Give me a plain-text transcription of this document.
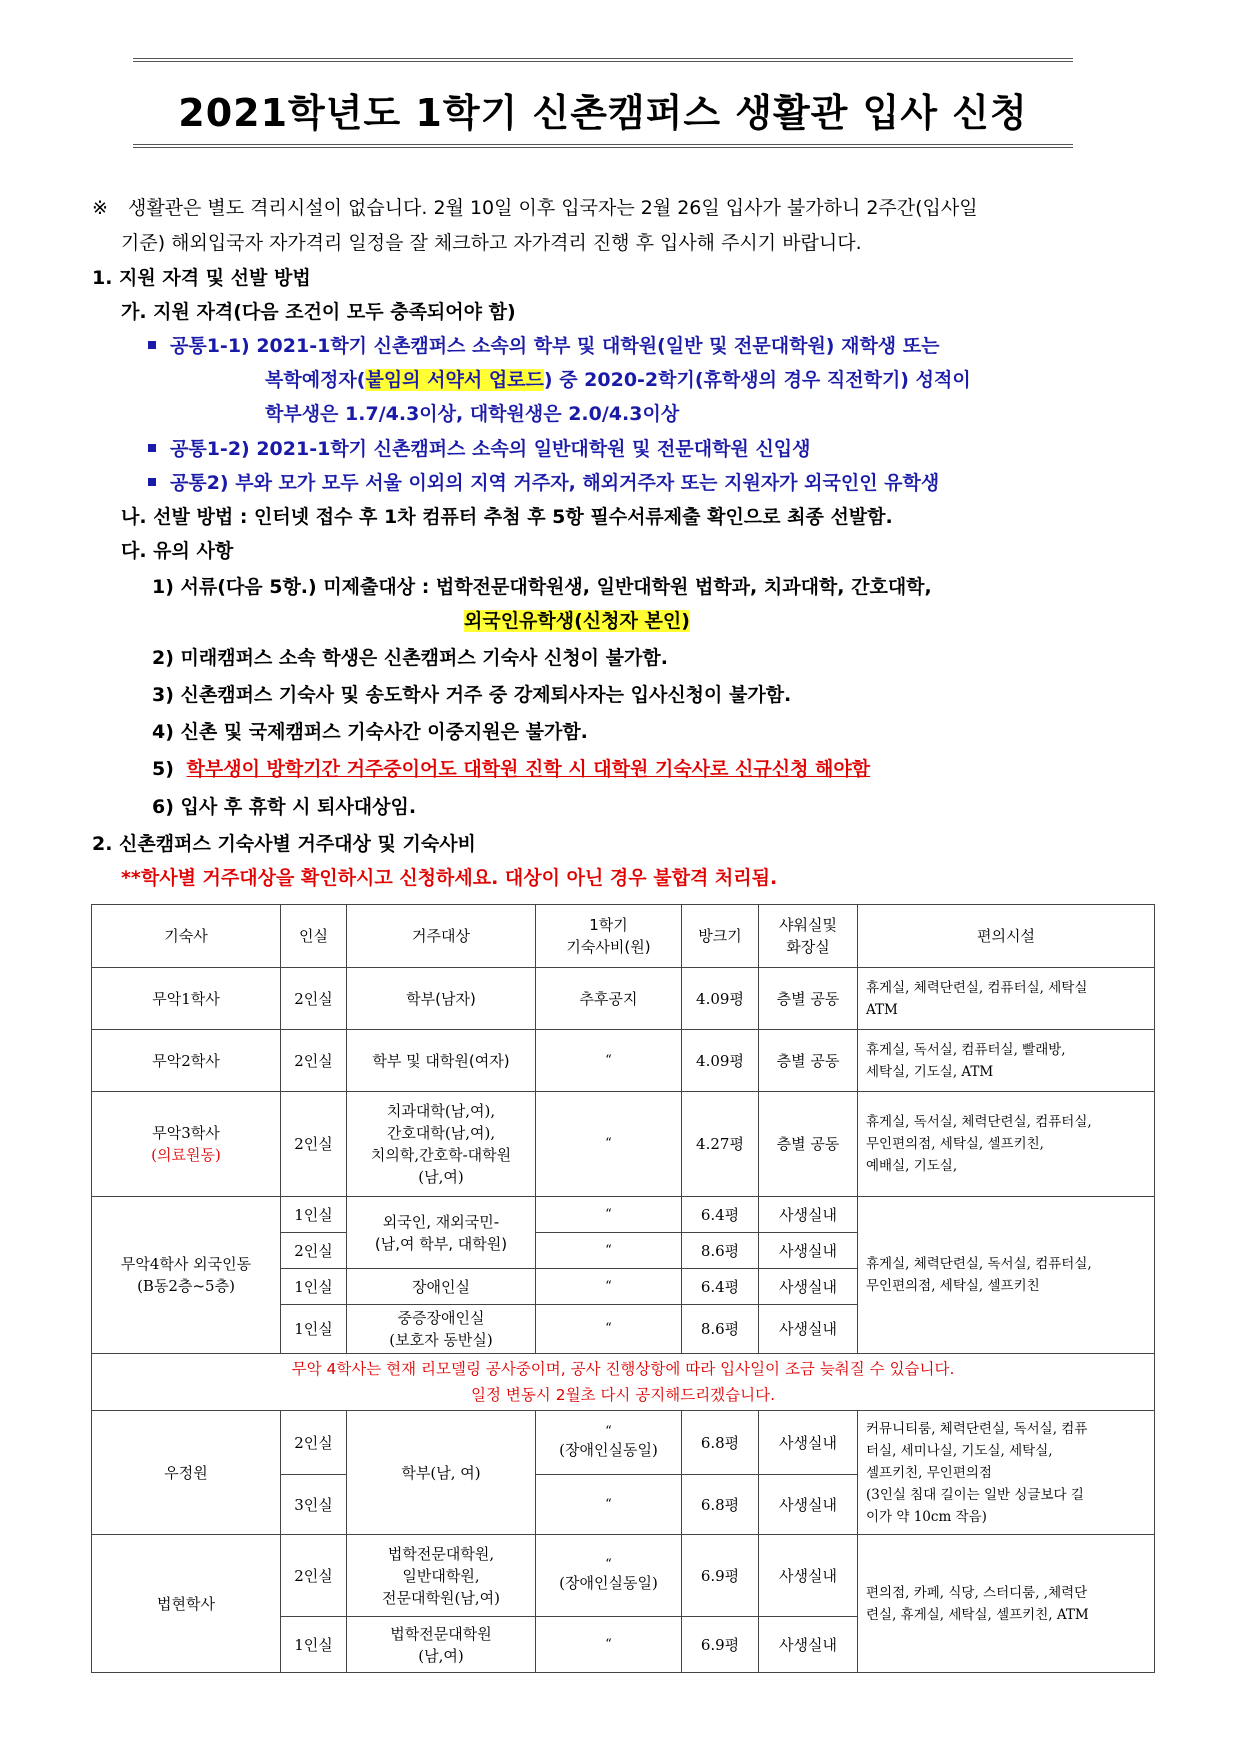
2021학년도 1학기 신촌캠퍼스 생활관 입사 신청
※ 생활관은 별도 격리시설이 없습니다. 2월 10일 이후 입국자는 2월 26일 입사가 불가하니 2주간(입사일
기준) 해외입국자 자가격리 일정을 잘 체크하고 자가격리 진행 후 입사해 주시기 바랍니다.
1. 지원 자격 및 선발 방법
가. 지원 자격(다음 조건이 모두 충족되어야 함)
공통1-1) 2021-1학기 신촌캠퍼스 소속의 학부 및 대학원(일반 및 전문대학원) 재학생 또는
복학예정자(붙임의 서약서 업로드) 중 2020-2학기(휴학생의 경우 직전학기) 성적이
학부생은 1.7/4.3이상, 대학원생은 2.0/4.3이상
공통1-2) 2021-1학기 신촌캠퍼스 소속의 일반대학원 및 전문대학원 신입생
공통2) 부와 모가 모두 서울 이외의 지역 거주자, 해외거주자 또는 지원자가 외국인인 유학생
나. 선발 방법 : 인터넷 접수 후 1차 컴퓨터 추첨 후 5항 필수서류제출 확인으로 최종 선발함.
다. 유의 사항
1) 서류(다음 5항.) 미제출대상 : 법학전문대학원생, 일반대학원 법학과, 치과대학, 간호대학,
외국인유학생(신청자 본인)
2) 미래캠퍼스 소속 학생은 신촌캠퍼스 기숙사 신청이 불가함.
3) 신촌캠퍼스 기숙사 및 송도학사 거주 중 강제퇴사자는 입사신청이 불가함.
4) 신촌 및 국제캠퍼스 기숙사간 이중지원은 불가함.
5) 학부생이 방학기간 거주중이어도 대학원 진학 시 대학원 기숙사로 신규신청 해야함
6) 입사 후 휴학 시 퇴사대상임.
2. 신촌캠퍼스 기숙사별 거주대상 및 기숙사비
**학사별 거주대상을 확인하시고 신청하세요. 대상이 아닌 경우 불합격 처리됨.
기숙사	인실	거주대상	1학기
기숙사비(원)	방크기	샤워실및
화장실	편의시설
무악1학사	2인실	학부(남자)	추후공지	4.09평	층별 공동	휴게실, 체력단련실, 컴퓨터실, 세탁실
ATM
무악2학사	2인실	학부 및 대학원(여자)	“	4.09평	층별 공동	휴게실, 독서실, 컴퓨터실, 빨래방,
세탁실, 기도실, ATM
무악3학사
(의료원동)	2인실	치과대학(남,여),
간호대학(남,여),
치의학,간호학-대학원
(남,여)	“	4.27평	층별 공동	휴게실, 독서실, 체력단련실, 컴퓨터실,
무인편의점, 세탁실, 셀프키친,
예배실, 기도실,
무악4학사 외국인동
(B동2층~5층)	1인실	외국인, 재외국민-
(남,여 학부, 대학원)	“	6.4평	사생실내	휴게실, 체력단련실, 독서실, 컴퓨터실,
무인편의점, 세탁실, 셀프키친
	2인실		“	8.6평	사생실내	
	1인실	장애인실	“	6.4평	사생실내	
	1인실	중증장애인실
(보호자 동반실)	“	8.6평	사생실내	
무악 4학사는 현재 리모델링 공사중이며, 공사 진행상항에 따라 입사일이 조금 늦춰질 수 있습니다.
일정 변동시 2월초 다시 공지해드리겠습니다.						
우정원	2인실	학부(남, 여)	“
(장애인실동일)	6.8평	사생실내	커뮤니티룸, 체력단련실, 독서실, 컴퓨
터실, 세미나실, 기도실, 세탁실,
셀프키친, 무인편의점
(3인실 침대 길이는 일반 싱글보다 길
이가 약 10cm 작음)
	3인실		“	6.8평	사생실내	
법현학사	2인실	법학전문대학원,
일반대학원,
전문대학원(남,여)	“
(장애인실동일)	6.9평	사생실내	편의점, 카페, 식당, 스터디룸, ,체력단
련실, 휴게실, 세탁실, 셀프키친, ATM
	1인실	법학전문대학원
(남,여)	“	6.9평	사생실내	
